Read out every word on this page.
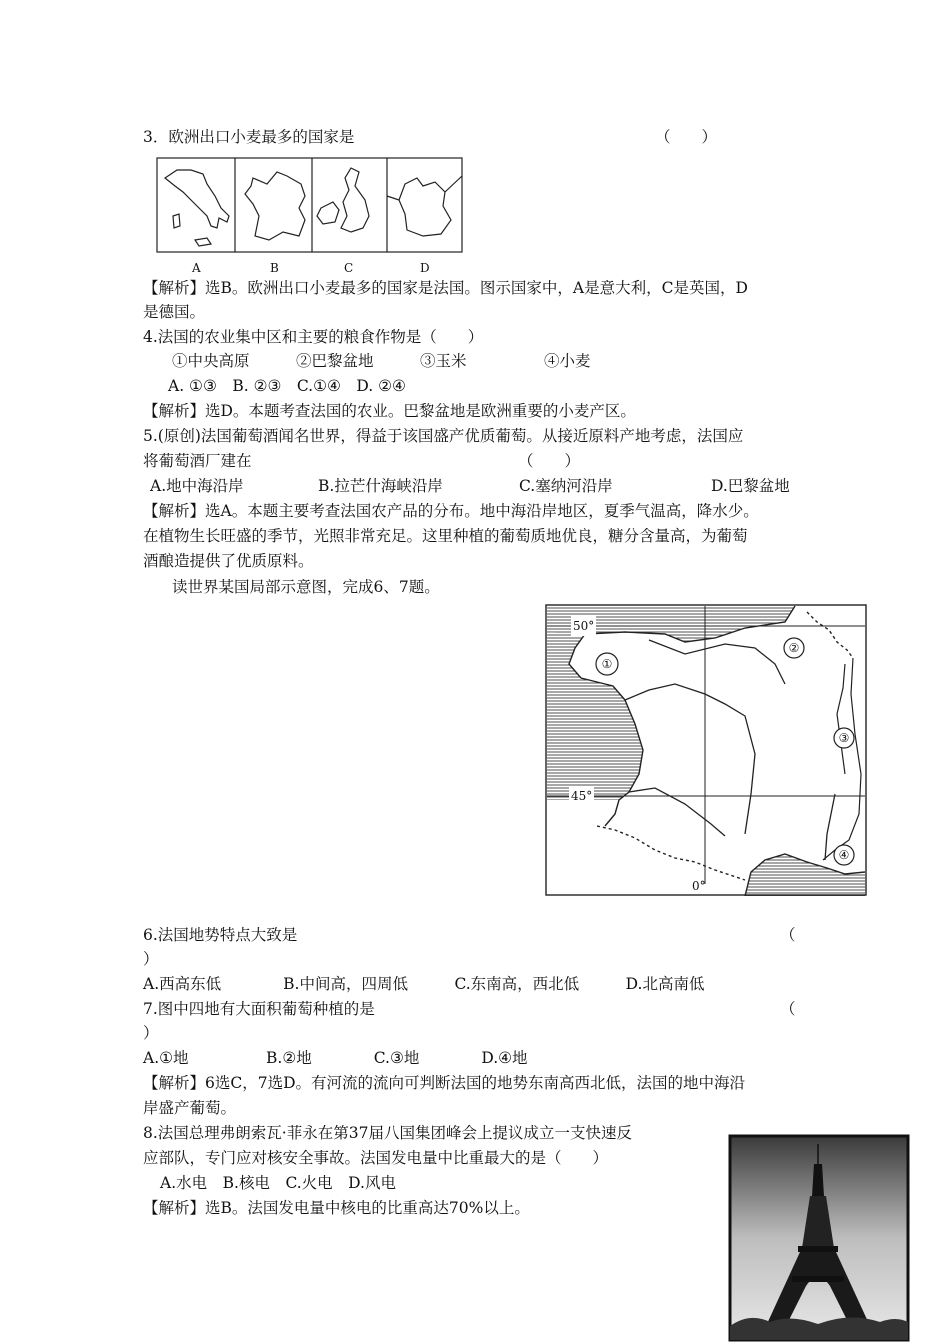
3．欧洲出口小麦最多的国家是	（　　）
A	B	C	D
【解析】选B。欧洲出口小麦最多的国家是法国。图示国家中，A是意大利，C是英国，D
是德国。
4.法国的农业集中区和主要的粮食作物是（　　）
①中央高原　　　②巴黎盆地　　　③玉米　　　　　④小麦
A. ①③　B. ②③　C.①④　D. ②④
【解析】选D。本题考查法国的农业。巴黎盆地是欧洲重要的小麦产区。
5.(原创)法国葡萄酒闻名世界，得益于该国盛产优质葡萄。从接近原料产地考虑，法国应
将葡萄酒厂建在	（　　）
A.地中海沿岸	B.拉芒什海峡沿岸	C.塞纳河沿岸	D.巴黎盆地
【解析】选A。本题主要考查法国农产品的分布。地中海沿岸地区，夏季气温高，降水少。
在植物生长旺盛的季节，光照非常充足。这里种植的葡萄质地优良，糖分含量高，为葡萄
酒酿造提供了优质原料。
读世界某国局部示意图，完成6、7题。
50°
45°
0°
①
②
③
④
6.法国地势特点大致是	（
）
A.西高东低　　　　B.中间高，四周低　　　C.东南高，西北低　　　D.北高南低
7.图中四地有大面积葡萄种植的是	（
）
A.①地　　　　　B.②地　　　　C.③地　　　　D.④地
【解析】6选C，7选D。有河流的流向可判断法国的地势东南高西北低，法国的地中海沿
岸盛产葡萄。
8.法国总理弗朗索瓦·菲永在第37届八国集团峰会上提议成立一支快速反
应部队，专门应对核安全事故。法国发电量中比重最大的是（　　）
A.水电　B.核电　C.火电　D.风电
【解析】选B。法国发电量中核电的比重高达70%以上。
